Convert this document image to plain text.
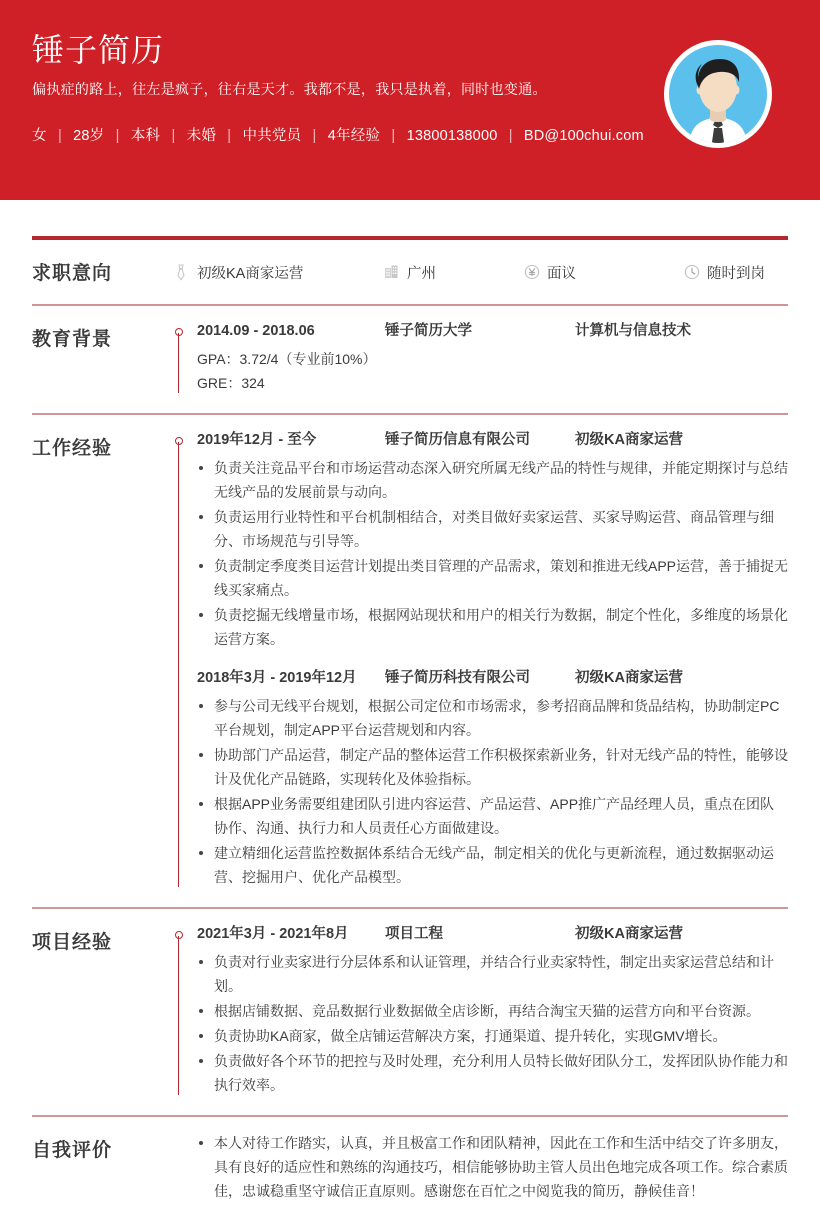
锤子简历

偏执症的路上，往左是疯子，往右是天才。我都不是，我只是执着，同时也变通。

女 | 28岁 | 本科 | 未婚 | 中共党员 | 4年经验 | 13800138000 | BD@100chui.com
求职意向	初级KA商家运营	广州	面议	随时到岗
教育背景	2014.09 - 2018.06	锤子简历大学	计算机与信息技术
GPA：3.72/4（专业前10%）
GRE：324
工作经验	2019年12月 - 至今	锤子简历信息有限公司	初级KA商家运营
负责关注竞品平台和市场运营动态深入研究所属无线产品的特性与规律，并能定期探讨与总结无线产品的发展前景与动向。
负责运用行业特性和平台机制相结合，对类目做好卖家运营、买家导购运营、商品管理与细分、市场规范与引导等。
负责制定季度类目运营计划提出类目管理的产品需求，策划和推进无线APP运营，善于捕捉无线买家痛点。
负责挖掘无线增量市场，根据网站现状和用户的相关行为数据，制定个性化，多维度的场景化运营方案。
2018年3月 - 2019年12月	锤子简历科技有限公司	初级KA商家运营
参与公司无线平台规划，根据公司定位和市场需求，参考招商品牌和货品结构，协助制定PC平台规划，制定APP平台运营规划和内容。
协助部门产品运营，制定产品的整体运营工作积极探索新业务，针对无线产品的特性，能够设计及优化产品链路，实现转化及体验指标。
根据APP业务需要组建团队引进内容运营、产品运营、APP推广产品经理人员，重点在团队协作、沟通、执行力和人员责任心方面做建设。
建立精细化运营监控数据体系结合无线产品，制定相关的优化与更新流程，通过数据驱动运营、挖掘用户、优化产品模型。
项目经验	2021年3月 - 2021年8月	项目工程	初级KA商家运营
负责对行业卖家进行分层体系和认证管理，并结合行业卖家特性，制定出卖家运营总结和计划。
根据店铺数据、竞品数据行业数据做全店诊断，再结合淘宝天猫的运营方向和平台资源。
负责协助KA商家，做全店铺运营解决方案，打通渠道、提升转化，实现GMV增长。
负责做好各个环节的把控与及时处理，充分利用人员特长做好团队分工，发挥团队协作能力和执行效率。
自我评价	本人对待工作踏实，认真，并且极富工作和团队精神，因此在工作和生活中结交了许多朋友，具有良好的适应性和熟练的沟通技巧，相信能够协助主管人员出色地完成各项工作。综合素质佳，忠诚稳重坚守诚信正直原则。感谢您在百忙之中阅览我的简历，静候佳音！
